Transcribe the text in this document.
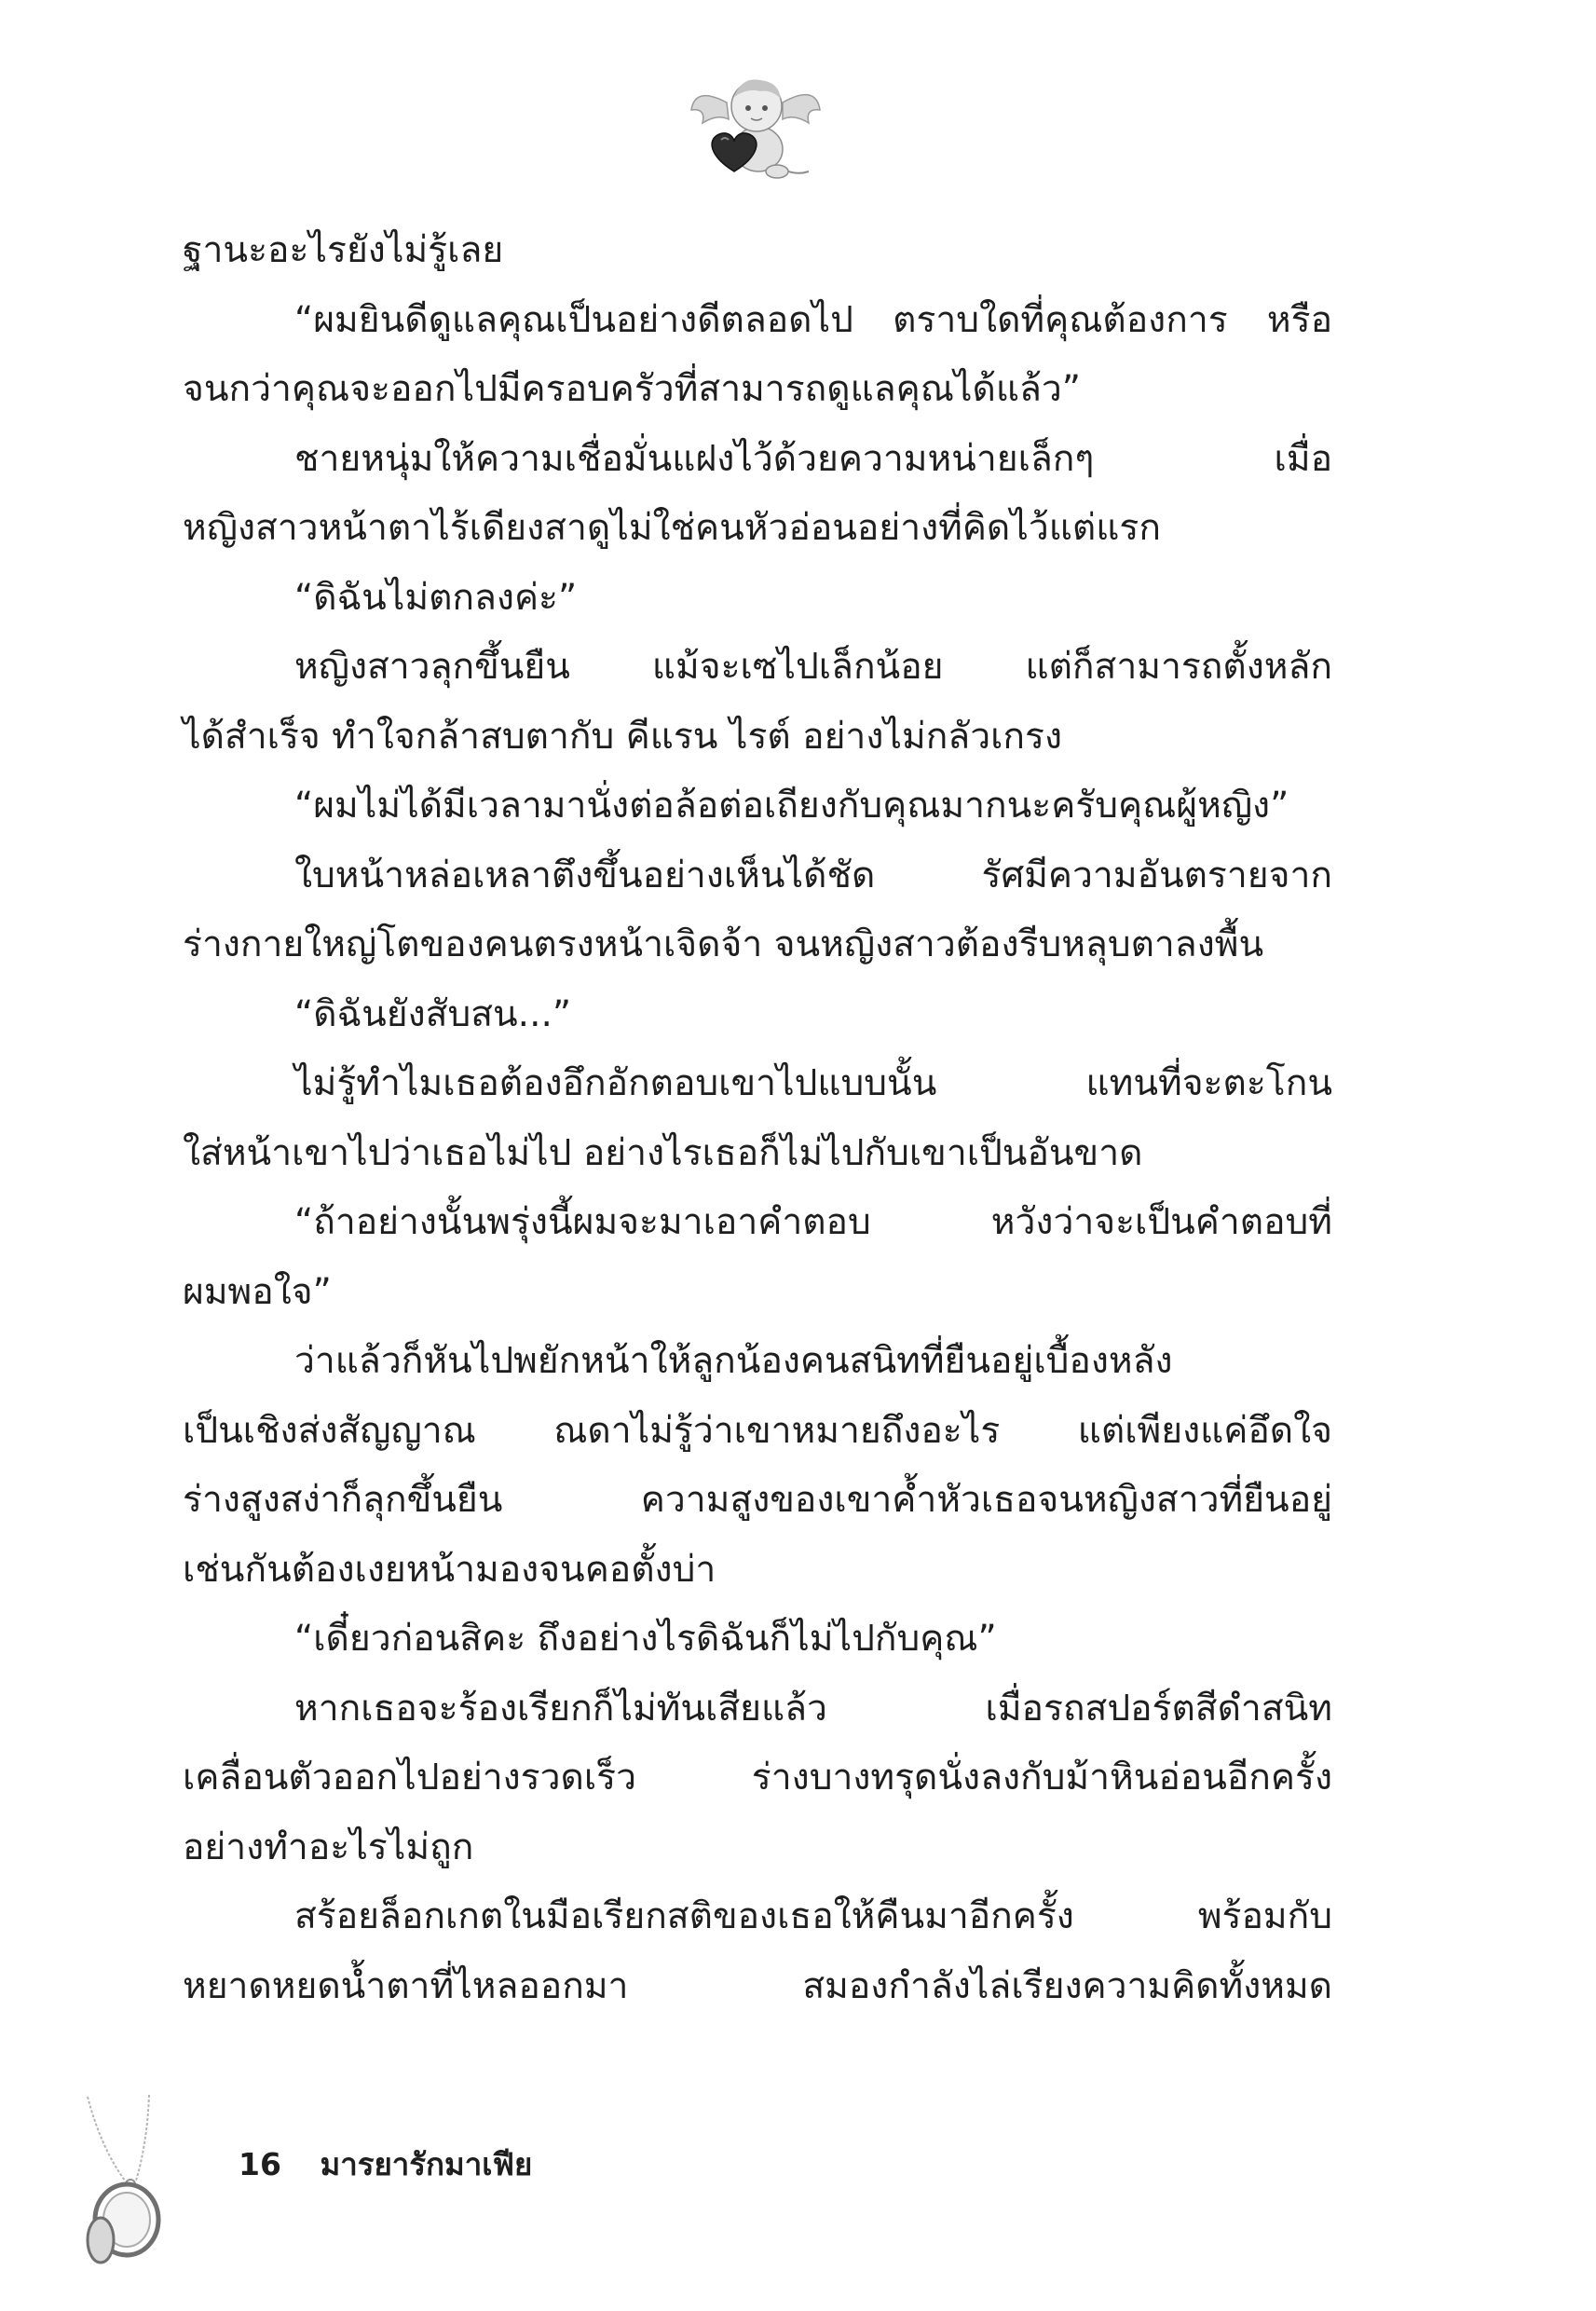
ฐานะอะไรยังไม่รู้เลย
“ผมยินดีดูแลคุณเป็นอย่างดีตลอดไป ตราบใดที่คุณต้องการ หรือ
จนกว่าคุณจะออกไปมีครอบครัวที่สามารถดูแลคุณได้แล้ว”
ชายหนุ่มให้ความเชื่อมั่นแฝงไว้ด้วยความหน่ายเล็กๆ เมื่อ
หญิงสาวหน้าตาไร้เดียงสาดูไม่ใช่คนหัวอ่อนอย่างที่คิดไว้แต่แรก
“ดิฉันไม่ตกลงค่ะ”
หญิงสาวลุกขึ้นยืน แม้จะเซไปเล็กน้อย แต่ก็สามารถตั้งหลัก
ได้สำเร็จ ทำใจกล้าสบตากับ คีแรน ไรต์ อย่างไม่กลัวเกรง
“ผมไม่ได้มีเวลามานั่งต่อล้อต่อเถียงกับคุณมากนะครับคุณผู้หญิง”
ใบหน้าหล่อเหลาตึงขึ้นอย่างเห็นได้ชัด รัศมีความอันตรายจาก
ร่างกายใหญ่โตของคนตรงหน้าเจิดจ้า จนหญิงสาวต้องรีบหลุบตาลงพื้น
“ดิฉันยังสับสน...”
ไม่รู้ทำไมเธอต้องอึกอักตอบเขาไปแบบนั้น แทนที่จะตะโกน
ใส่หน้าเขาไปว่าเธอไม่ไป อย่างไรเธอก็ไม่ไปกับเขาเป็นอันขาด
“ถ้าอย่างนั้นพรุ่งนี้ผมจะมาเอาคำตอบ หวังว่าจะเป็นคำตอบที่
ผมพอใจ”
ว่าแล้วก็หันไปพยักหน้าให้ลูกน้องคนสนิทที่ยืนอยู่เบื้องหลัง
เป็นเชิงส่งสัญญาณ ณดาไม่รู้ว่าเขาหมายถึงอะไร แต่เพียงแค่อึดใจ
ร่างสูงสง่าก็ลุกขึ้นยืน ความสูงของเขาค้ำหัวเธอจนหญิงสาวที่ยืนอยู่
เช่นกันต้องเงยหน้ามองจนคอตั้งบ่า
“เดี๋ยวก่อนสิคะ ถึงอย่างไรดิฉันก็ไม่ไปกับคุณ”
หากเธอจะร้องเรียกก็ไม่ทันเสียแล้ว เมื่อรถสปอร์ตสีดำสนิท
เคลื่อนตัวออกไปอย่างรวดเร็ว ร่างบางทรุดนั่งลงกับม้าหินอ่อนอีกครั้ง
อย่างทำอะไรไม่ถูก
สร้อยล็อกเกตในมือเรียกสติของเธอให้คืนมาอีกครั้ง พร้อมกับ
หยาดหยดน้ำตาที่ไหลออกมา สมองกำลังไล่เรียงความคิดทั้งหมด
16 มารยารักมาเฟีย
